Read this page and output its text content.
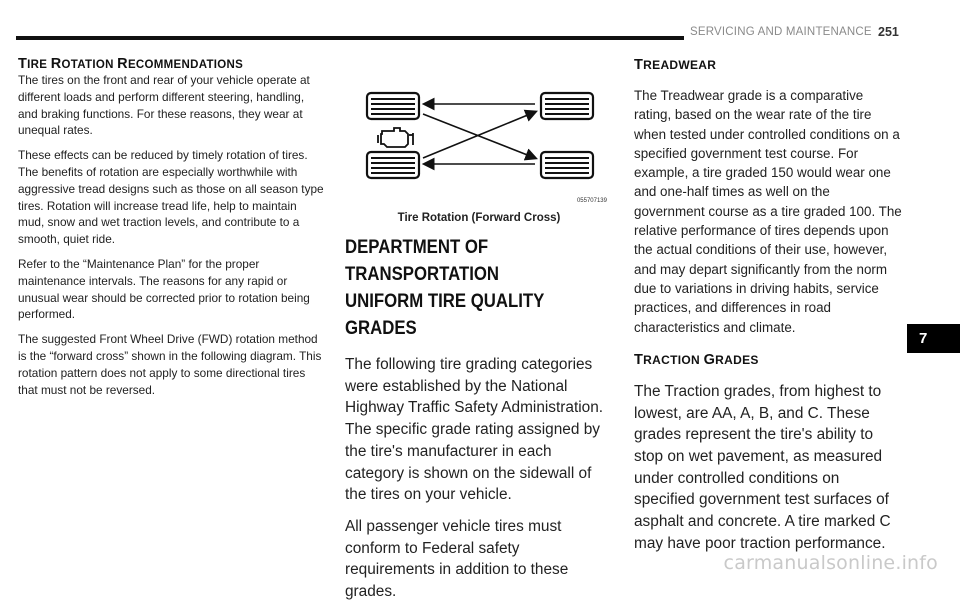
SERVICING AND MAINTENANCE 251
7
TIRE ROTATION RECOMMENDATIONS

The tires on the front and rear of your vehicle operate at different loads and perform different steering, handling, and braking functions. For these reasons, they wear at unequal rates.

These effects can be reduced by timely rotation of tires. The benefits of rotation are especially worthwhile with aggressive tread designs such as those on all season type tires. Rotation will increase tread life, help to maintain mud, snow and wet traction levels, and contribute to a smooth, quiet ride.

Refer to the “Maintenance Plan” for the proper maintenance intervals. The reasons for any rapid or unusual wear should be corrected prior to rotation being performed.

The suggested Front Wheel Drive (FWD) rotation method is the “forward cross” shown in the following diagram. This rotation pattern does not apply to some directional tires that must not be reversed.

055707139
Tire Rotation (Forward Cross)
DEPARTMENT OF TRANSPORTATION
UNIFORM TIRE QUALITY GRADES

The following tire grading categories were established by the National Highway Traffic Safety Administration. The specific grade rating assigned by the tire's manufacturer in each category is shown on the sidewall of the tires on your vehicle.

All passenger vehicle tires must conform to Federal safety requirements in addition to these grades.

TREADWEAR

The Treadwear grade is a comparative rating, based on the wear rate of the tire when tested under controlled conditions on a specified government test course. For example, a tire graded 150 would wear one and one-half times as well on the government course as a tire graded 100. The relative performance of tires depends upon the actual conditions of their use, however, and may depart significantly from the norm due to variations in driving habits, service practices, and differences in road characteristics and climate.

TRACTION GRADES

The Traction grades, from highest to lowest, are AA, A, B, and C. These grades represent the tire's ability to stop on wet pavement, as measured under controlled conditions on specified government test surfaces of asphalt and concrete. A tire marked C may have poor traction performance.

carmanualsonline.info
